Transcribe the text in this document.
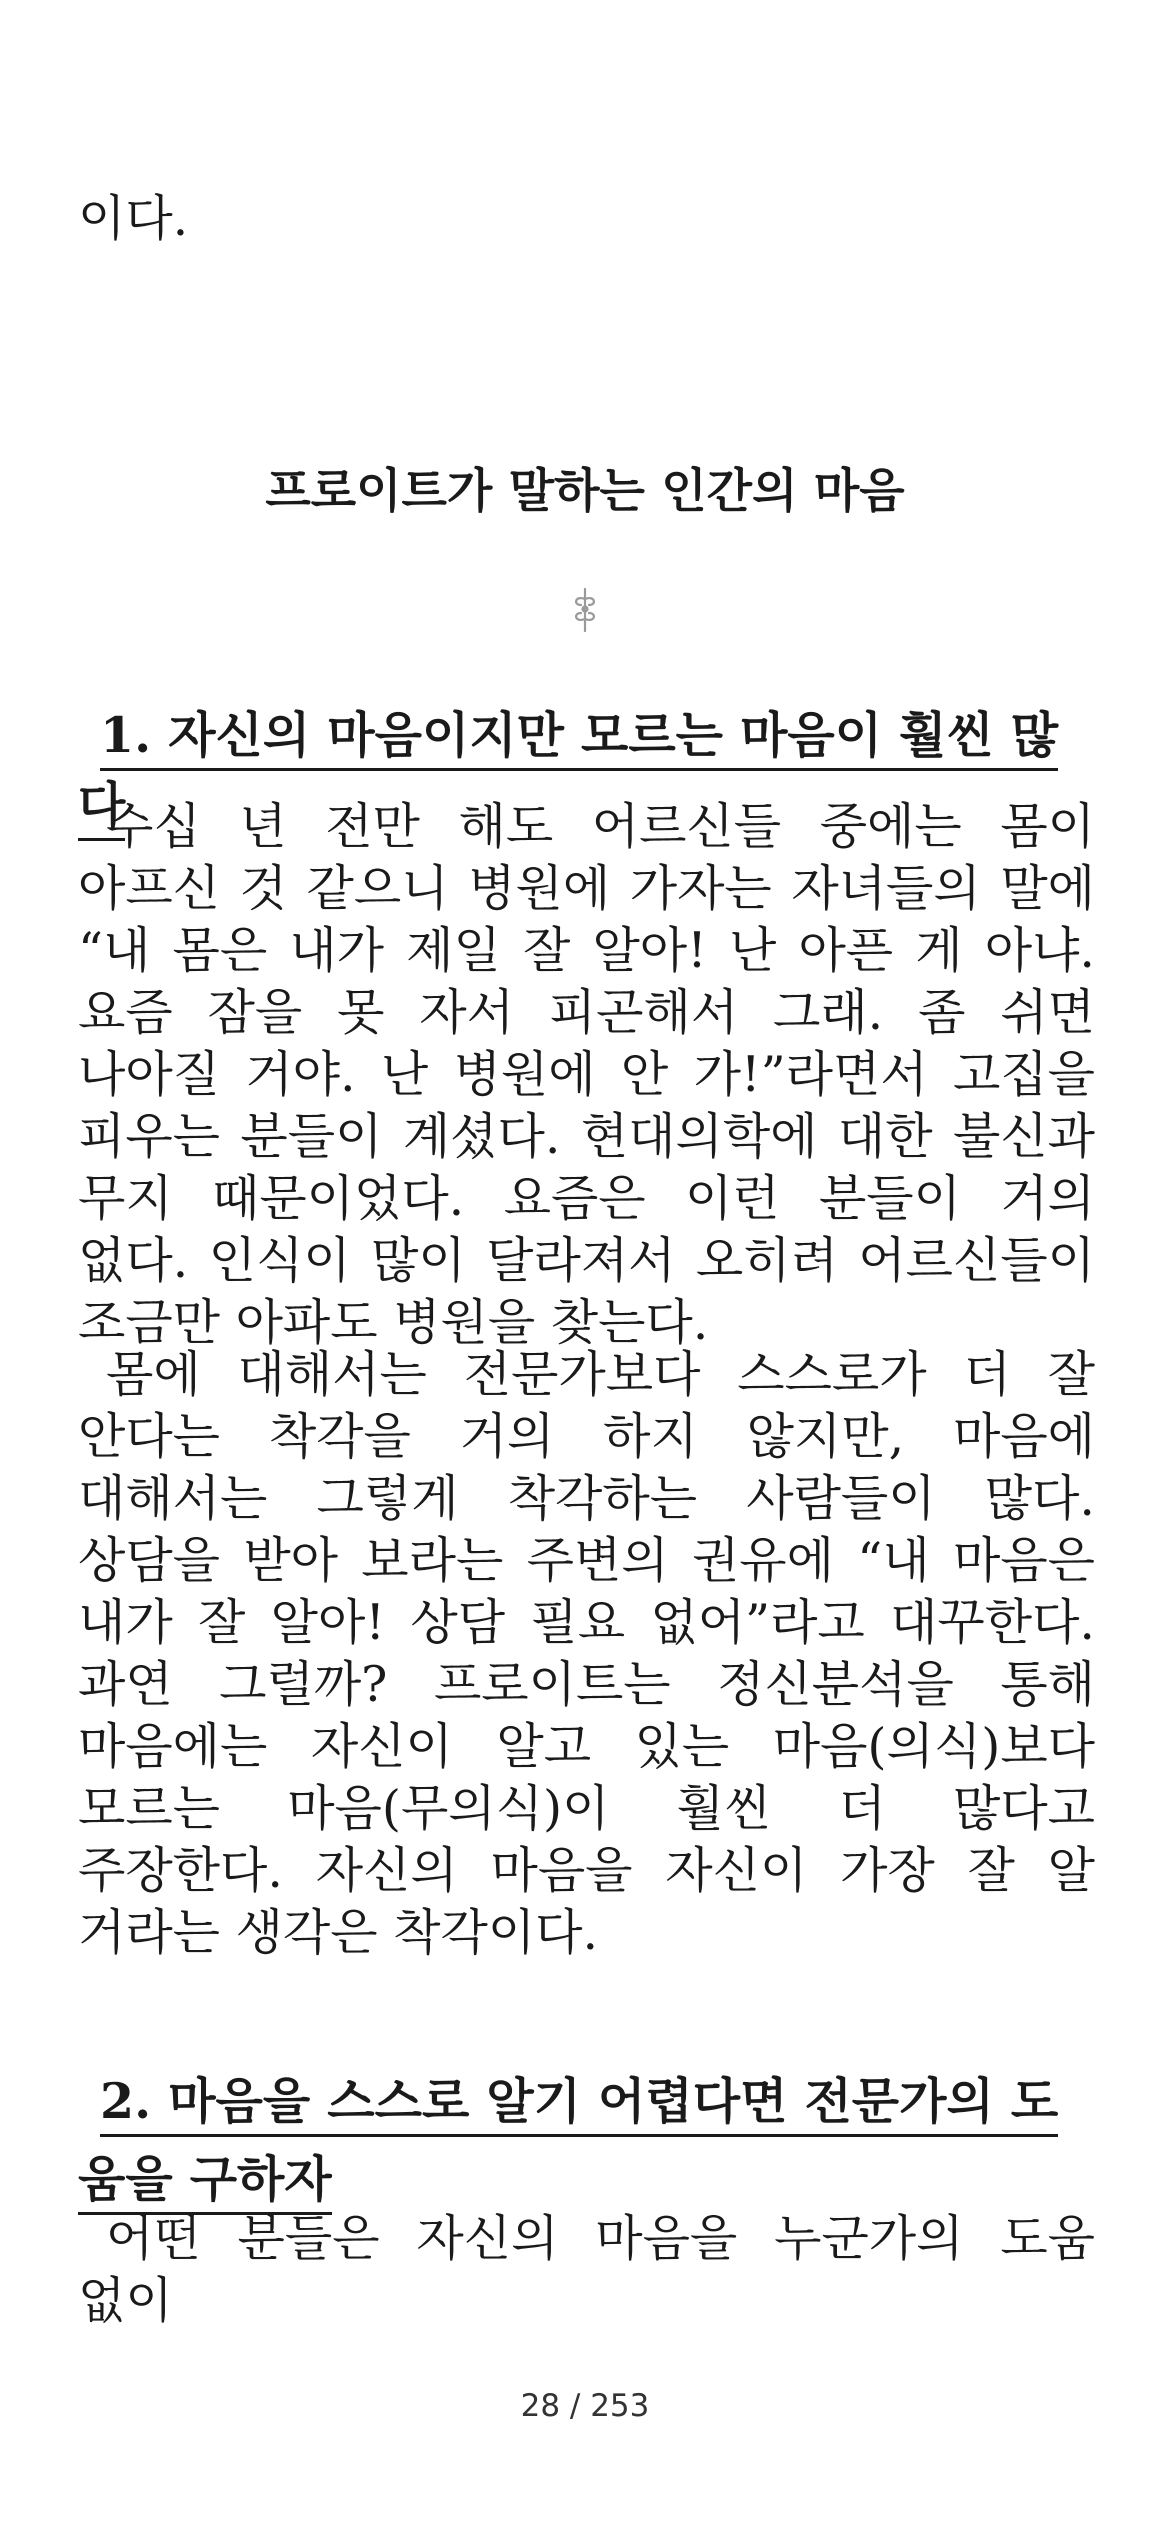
이다.

프로이트가 말하는 인간의 마음
1. 자신의 마음이지만 모르는 마음이 훨씬 많다

수십 년 전만 해도 어르신들 중에는 몸이 아프신 것 같으니 병원에 가자는 자녀들의 말에 “내 몸은 내가 제일 잘 알아! 난 아픈 게 아냐. 요즘 잠을 못 자서 피곤해서 그래. 좀 쉬면 나아질 거야. 난 병원에 안 가!”라면서 고집을 피우는 분들이 계셨다. 현대의학에 대한 불신과 무지 때문이었다. 요즘은 이런 분들이 거의 없다. 인식이 많이 달라져서 오히려 어르신들이 조금만 아파도 병원을 찾는다.

몸에 대해서는 전문가보다 스스로가 더 잘 안다는 착각을 거의 하지 않지만, 마음에 대해서는 그렇게 착각하는 사람들이 많다. 상담을 받아 보라는 주변의 권유에 “내 마음은 내가 잘 알아! 상담 필요 없어”라고 대꾸한다. 과연 그럴까? 프로이트는 정신분석을 통해 마음에는 자신이 알고 있는 마음(의식)보다 모르는 마음(무의식)이 훨씬 더 많다고 주장한다. 자신의 마음을 자신이 가장 잘 알 거라는 생각은 착각이다.

2. 마음을 스스로 알기 어렵다면 전문가의 도움을 구하자

어떤 분들은 자신의 마음을 누군가의 도움 없이

28 / 253
